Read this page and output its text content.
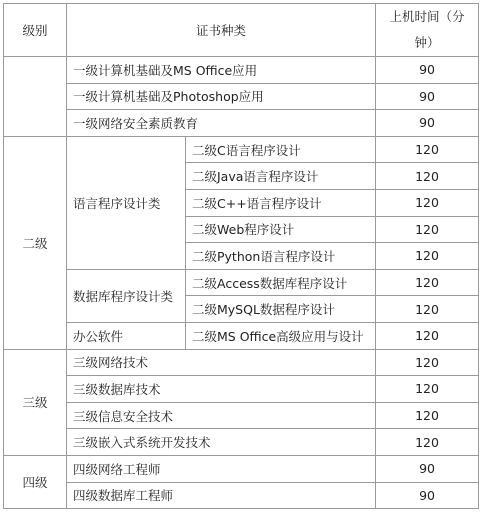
级别	证书种类		上机时间（分钟）
	一级计算机基础及MS Office应用		90
	一级计算机基础及Photoshop应用		90
	一级网络安全素质教育		90
二级	语言程序设计类	二级C语言程序设计	120
		二级Java语言程序设计	120
		二级C++语言程序设计	120
		二级Web程序设计	120
		二级Python语言程序设计	120
	数据库程序设计类	二级Access数据库程序设计	120
		二级MySQL数据程序设计	120
	办公软件	二级MS Office高级应用与设计	120
三级	三级网络技术		120
	三级数据库技术		120
	三级信息安全技术		120
	三级嵌入式系统开发技术		120
四级	四级网络工程师		90
	四级数据库工程师		90
